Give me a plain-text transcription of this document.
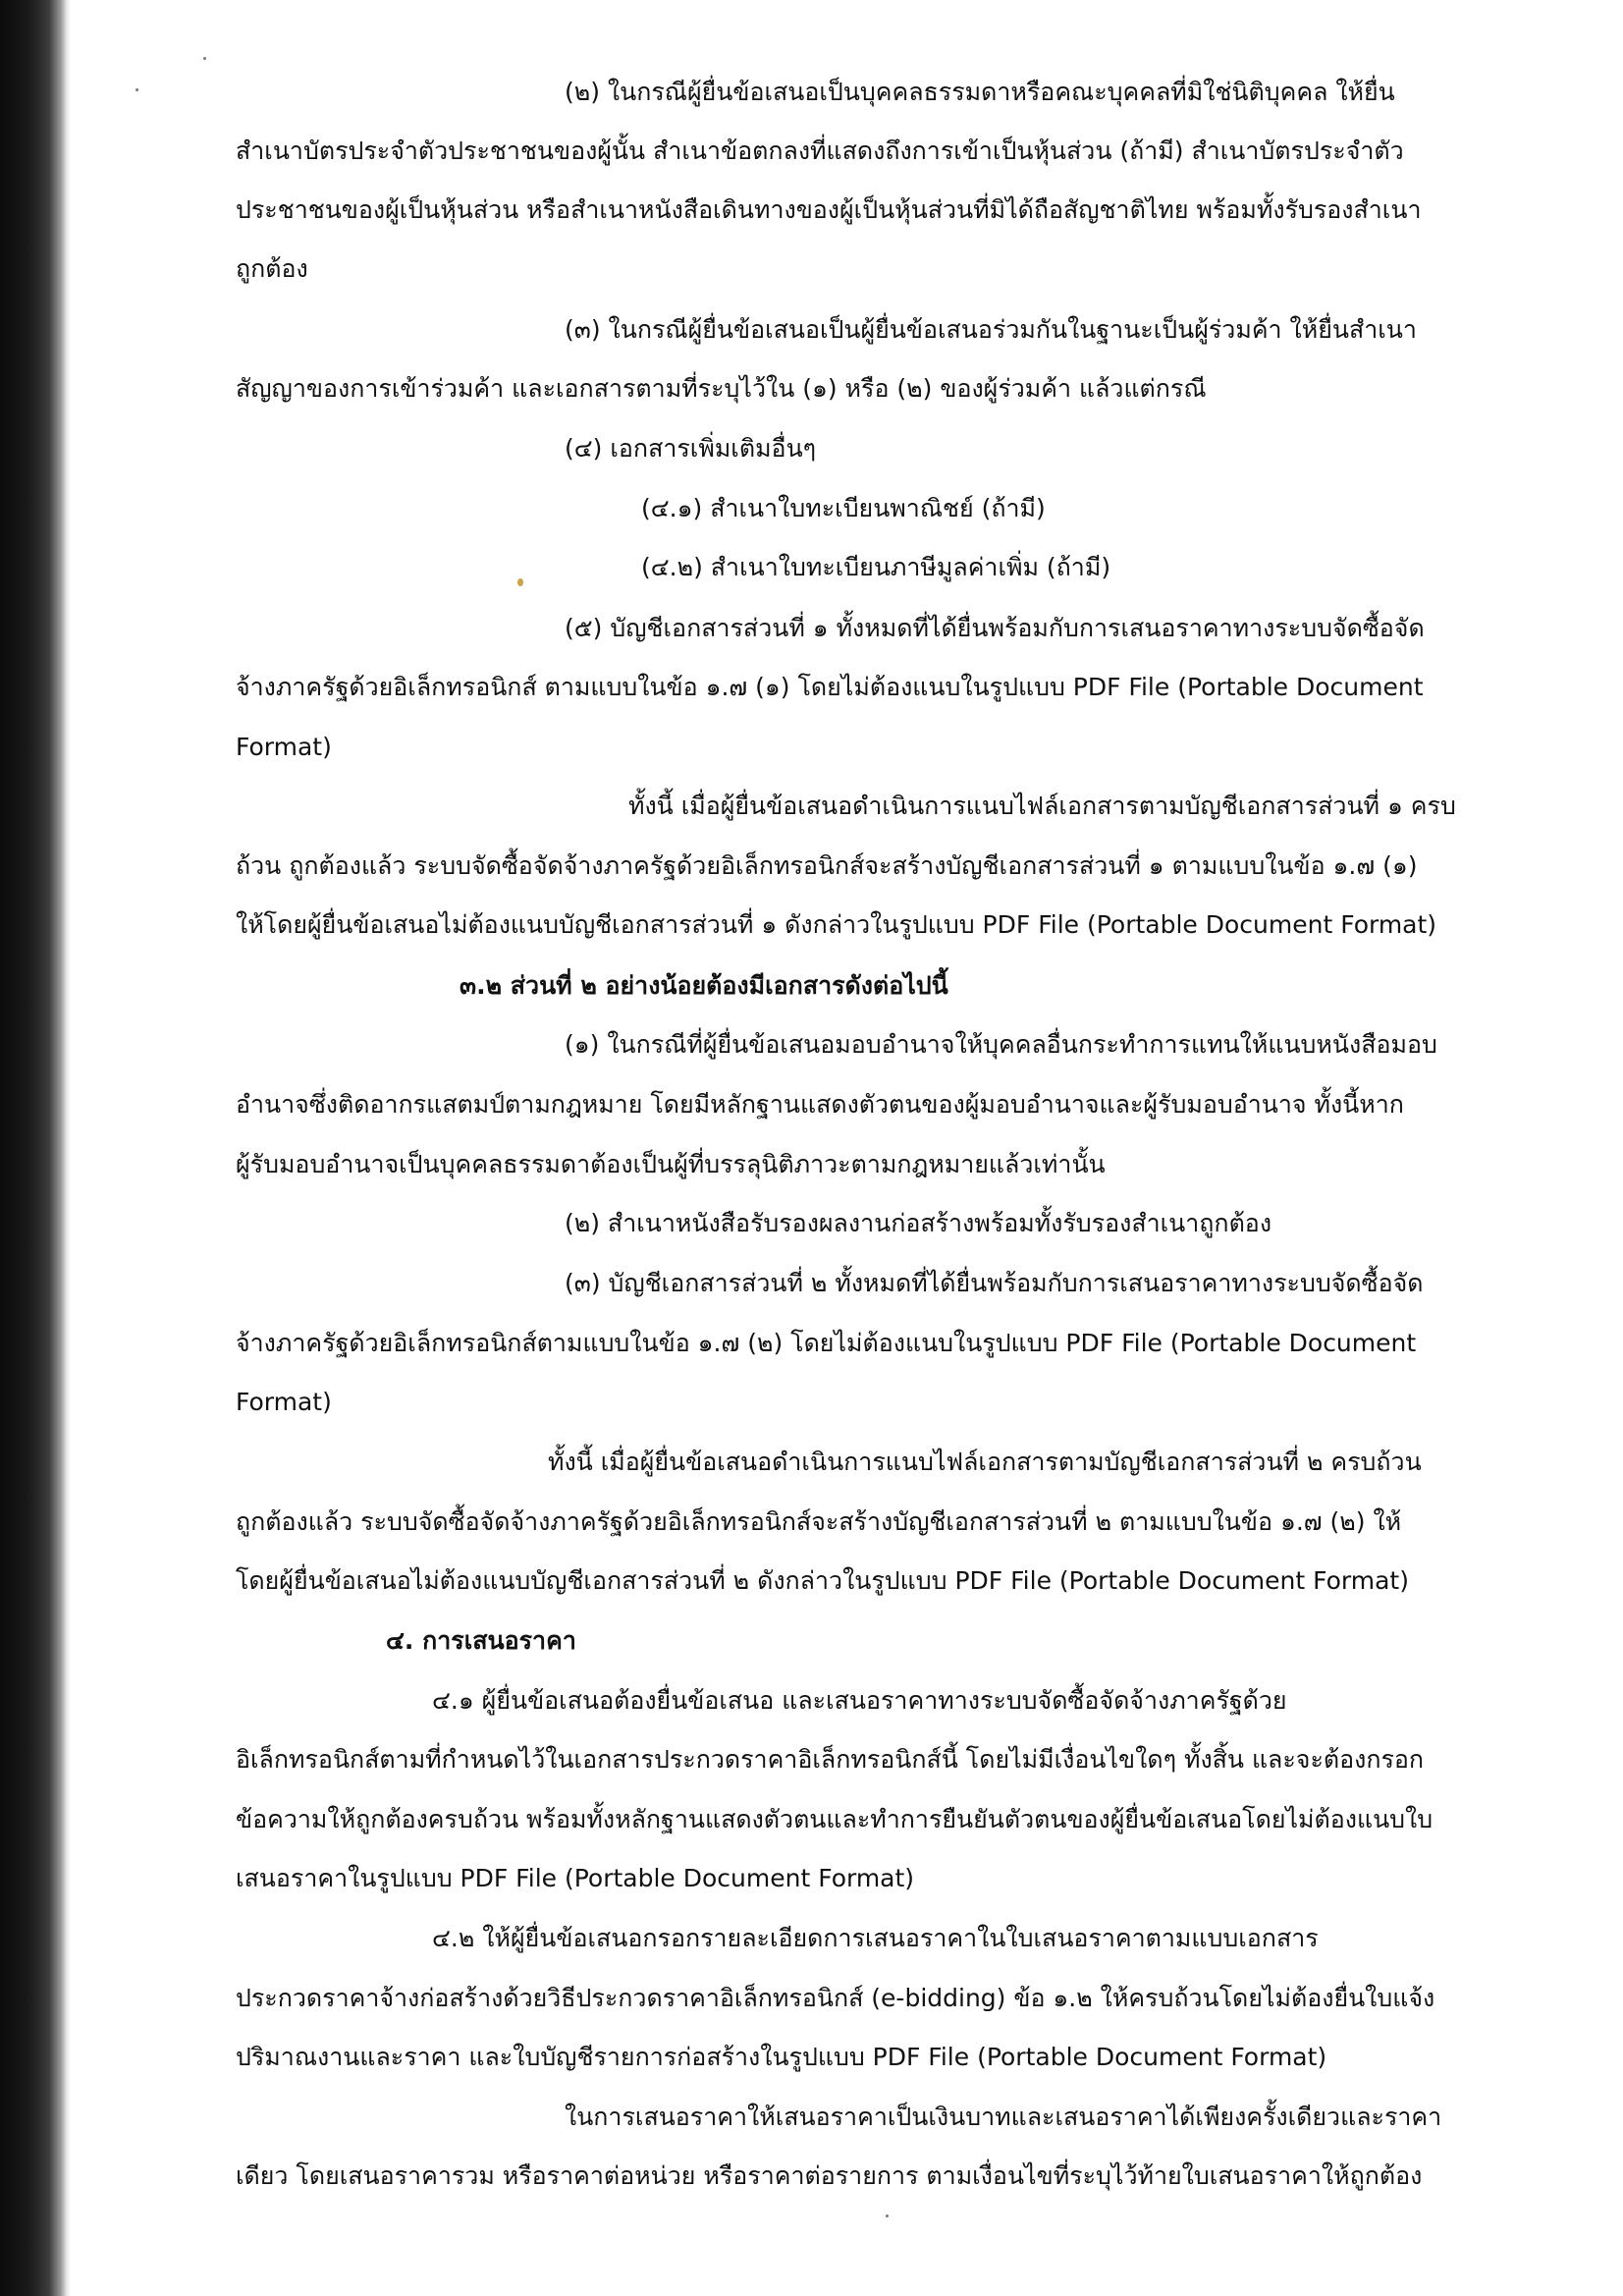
(๒) ในกรณีผู้ยื่นข้อเสนอเป็นบุคคลธรรมดาหรือคณะบุคคลที่มิใช่นิติบุคคล ให้ยื่น

สำเนาบัตรประจำตัวประชาชนของผู้นั้น สำเนาข้อตกลงที่แสดงถึงการเข้าเป็นหุ้นส่วน (ถ้ามี) สำเนาบัตรประจำตัว

ประชาชนของผู้เป็นหุ้นส่วน หรือสำเนาหนังสือเดินทางของผู้เป็นหุ้นส่วนที่มิได้ถือสัญชาติไทย พร้อมทั้งรับรองสำเนา

ถูกต้อง

(๓) ในกรณีผู้ยื่นข้อเสนอเป็นผู้ยื่นข้อเสนอร่วมกันในฐานะเป็นผู้ร่วมค้า ให้ยื่นสำเนา

สัญญาของการเข้าร่วมค้า และเอกสารตามที่ระบุไว้ใน (๑) หรือ (๒) ของผู้ร่วมค้า แล้วแต่กรณี

(๔) เอกสารเพิ่มเติมอื่นๆ

(๔.๑) สำเนาใบทะเบียนพาณิชย์ (ถ้ามี)

(๔.๒) สำเนาใบทะเบียนภาษีมูลค่าเพิ่ม (ถ้ามี)

(๕) บัญชีเอกสารส่วนที่ ๑ ทั้งหมดที่ได้ยื่นพร้อมกับการเสนอราคาทางระบบจัดซื้อจัด

จ้างภาครัฐด้วยอิเล็กทรอนิกส์ ตามแบบในข้อ ๑.๗ (๑) โดยไม่ต้องแนบในรูปแบบ PDF File (Portable Document

Format)

ทั้งนี้ เมื่อผู้ยื่นข้อเสนอดำเนินการแนบไฟล์เอกสารตามบัญชีเอกสารส่วนที่ ๑ ครบ

ถ้วน ถูกต้องแล้ว ระบบจัดซื้อจัดจ้างภาครัฐด้วยอิเล็กทรอนิกส์จะสร้างบัญชีเอกสารส่วนที่ ๑ ตามแบบในข้อ ๑.๗ (๑)

ให้โดยผู้ยื่นข้อเสนอไม่ต้องแนบบัญชีเอกสารส่วนที่ ๑ ดังกล่าวในรูปแบบ PDF File (Portable Document Format)

๓.๒ ส่วนที่ ๒ อย่างน้อยต้องมีเอกสารดังต่อไปนี้

(๑) ในกรณีที่ผู้ยื่นข้อเสนอมอบอำนาจให้บุคคลอื่นกระทำการแทนให้แนบหนังสือมอบ

อำนาจซึ่งติดอากรแสตมป์ตามกฎหมาย โดยมีหลักฐานแสดงตัวตนของผู้มอบอำนาจและผู้รับมอบอำนาจ ทั้งนี้หาก

ผู้รับมอบอำนาจเป็นบุคคลธรรมดาต้องเป็นผู้ที่บรรลุนิติภาวะตามกฎหมายแล้วเท่านั้น

(๒) สำเนาหนังสือรับรองผลงานก่อสร้างพร้อมทั้งรับรองสำเนาถูกต้อง

(๓) บัญชีเอกสารส่วนที่ ๒ ทั้งหมดที่ได้ยื่นพร้อมกับการเสนอราคาทางระบบจัดซื้อจัด

จ้างภาครัฐด้วยอิเล็กทรอนิกส์ตามแบบในข้อ ๑.๗ (๒) โดยไม่ต้องแนบในรูปแบบ PDF File (Portable Document

Format)

ทั้งนี้ เมื่อผู้ยื่นข้อเสนอดำเนินการแนบไฟล์เอกสารตามบัญชีเอกสารส่วนที่ ๒ ครบถ้วน

ถูกต้องแล้ว ระบบจัดซื้อจัดจ้างภาครัฐด้วยอิเล็กทรอนิกส์จะสร้างบัญชีเอกสารส่วนที่ ๒ ตามแบบในข้อ ๑.๗ (๒) ให้

โดยผู้ยื่นข้อเสนอไม่ต้องแนบบัญชีเอกสารส่วนที่ ๒ ดังกล่าวในรูปแบบ PDF File (Portable Document Format)

๔. การเสนอราคา

๔.๑ ผู้ยื่นข้อเสนอต้องยื่นข้อเสนอ และเสนอราคาทางระบบจัดซื้อจัดจ้างภาครัฐด้วย

อิเล็กทรอนิกส์ตามที่กำหนดไว้ในเอกสารประกวดราคาอิเล็กทรอนิกส์นี้ โดยไม่มีเงื่อนไขใดๆ ทั้งสิ้น และจะต้องกรอก

ข้อความให้ถูกต้องครบถ้วน พร้อมทั้งหลักฐานแสดงตัวตนและทำการยืนยันตัวตนของผู้ยื่นข้อเสนอโดยไม่ต้องแนบใบ

เสนอราคาในรูปแบบ PDF File (Portable Document Format)

๔.๒ ให้ผู้ยื่นข้อเสนอกรอกรายละเอียดการเสนอราคาในใบเสนอราคาตามแบบเอกสาร

ประกวดราคาจ้างก่อสร้างด้วยวิธีประกวดราคาอิเล็กทรอนิกส์ (e-bidding) ข้อ ๑.๒ ให้ครบถ้วนโดยไม่ต้องยื่นใบแจ้ง

ปริมาณงานและราคา และใบบัญชีรายการก่อสร้างในรูปแบบ PDF File (Portable Document Format)

ในการเสนอราคาให้เสนอราคาเป็นเงินบาทและเสนอราคาได้เพียงครั้งเดียวและราคา

เดียว โดยเสนอราคารวม หรือราคาต่อหน่วย หรือราคาต่อรายการ ตามเงื่อนไขที่ระบุไว้ท้ายใบเสนอราคาให้ถูกต้อง
